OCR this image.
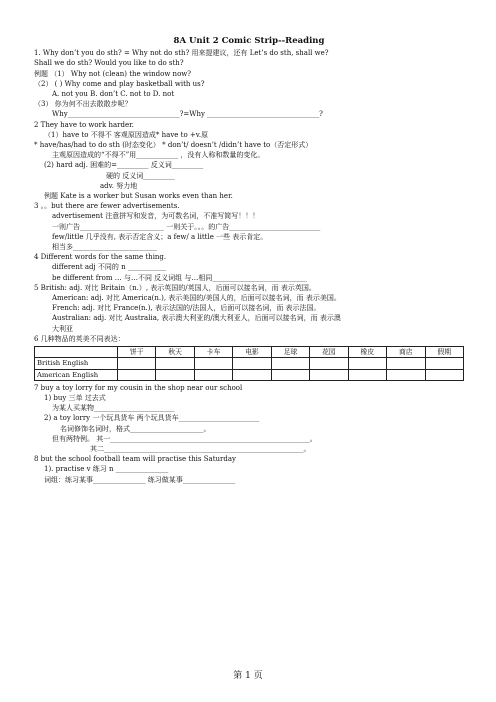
8A Unit 2 Comic Strip--Reading
1. Why don’t you do sth? = Why not do sth? 用来提建议，还有 Let’s do sth, shall we?
Shall we do sth? Would you like to do sth?
例题 （1） Why not (clean) the window now?
（2） ( ) Why come and play basketball with us?
A. not you B. don’t C. not to D. not
（3） 你为何不出去散散步呢？
Why________________________________?=Why ________________________________?
2 They have to work harder.
（1）have to 不得不 客观原因造成* have to +v.原
* have/has/had to do sth (时态变化） * don’t/ doesn’t /didn’t have to（否定形式）
主观原因造成的“不得不”用____________ ，没有人称和数量的变化。
(2) hard adj. 困难的=_________ 反义词_________
硬的 反义词_________
adv. 努力地
例题 Kate is a worker but Susan works even than her.
3 。。but there are fewer advertisements.
advertisement 注意拼写和发音，为可数名词，不准写简写！！！
一则广告________________________ 一则关于。。。的广告__________________________
few/little 几乎没有, 表示否定含义；a few/ a little 一些 表示肯定。
相当多________________________
4 Different words for the same thing.
different adj 不同的 n ___________
be different from … 与…不同 反义词组 与…相同___________________________
5 British: adj. 对比 Britain（n.）, 表示英国的/英国人，后面可以接名词，而 表示英国。
American: adj. 对比 America(n.), 表示美国的/美国人的，后面可以接名词，而 表示美国。
French: adj. 对比 France(n.), 表示法国的/法国人，后面可以接名词，而 表示法国。
Australian: adj. 对比 Australia, 表示澳大利亚的/澳大利亚人，后面可以接名词，而 表示澳
大利亚
6 几种物品的英美不同表达：
	饼干	秋天	卡车	电影	足球	花园	橡皮	商店	假期
British English									
American English									
7 buy a toy lorry for my cousin in the shop near our school
1) buy 三单 过去式
为某人买某物_______________________
2) a toy lorry 一个玩具货车 两个玩具货车_______________________
名词修饰名词时，格式_____________________。
但有两特例。 其一_________________________________________________________。
其二_________________________________________________________。
8 but the school football team will practise this Saturday
1). practise v 练习 n _______________
词组：练习某事_______________ 练习做某事_______________
第 1 页
